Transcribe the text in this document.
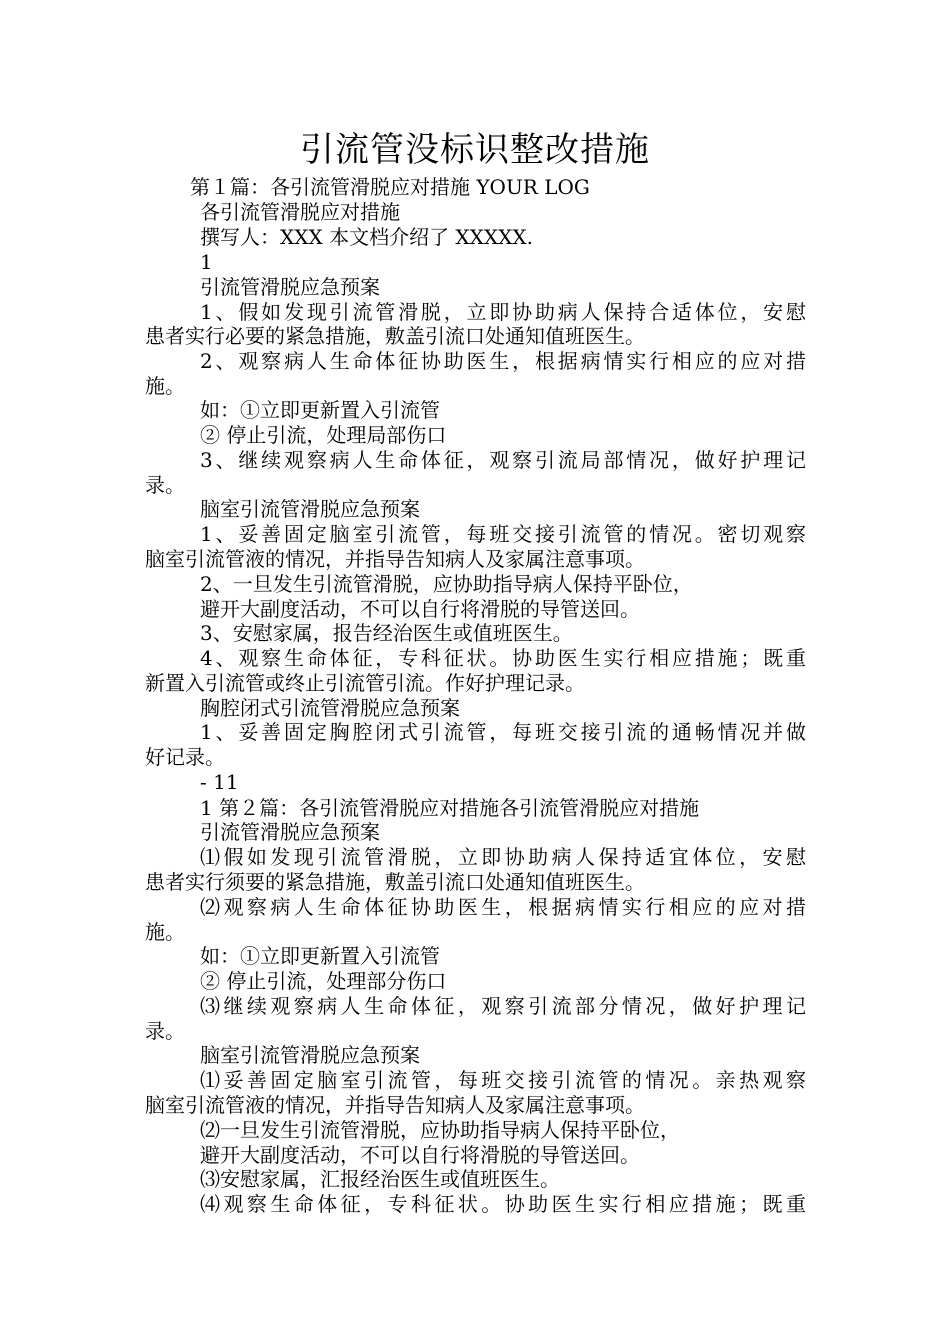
引流管没标识整改措施
第１篇：各引流管滑脱应对措施 YOUR LOG
各引流管滑脱应对措施
撰写人：XXX 本文档介绍了 XXXXX.
1
引流管滑脱应急预案
1、假如发现引流管滑脱，立即协助病人保持合适体位，安慰
患者实行必要的紧急措施，敷盖引流口处通知值班医生。
2、观察病人生命体征协助医生，根据病情实行相应的应对措
施。
如：①立即更新置入引流管
② 停止引流，处理局部伤口
3、继续观察病人生命体征，观察引流局部情况，做好护理记
录。
脑室引流管滑脱应急预案
1、妥善固定脑室引流管，每班交接引流管的情况。密切观察
脑室引流管液的情况，并指导告知病人及家属注意事项。
2、一旦发生引流管滑脱，应协助指导病人保持平卧位，
避开大副度活动，不可以自行将滑脱的导管送回。
3、安慰家属，报告经治医生或值班医生。
4、观察生命体征，专科征状。协助医生实行相应措施；既重
新置入引流管或终止引流管引流。作好护理记录。
胸腔闭式引流管滑脱应急预案
1、妥善固定胸腔闭式引流管，每班交接引流的通畅情况并做
好记录。
- 11
1 第２篇：各引流管滑脱应对措施各引流管滑脱应对措施
引流管滑脱应急预案
⑴假如发现引流管滑脱，立即协助病人保持适宜体位，安慰
患者实行须要的紧急措施，敷盖引流口处通知值班医生。
⑵观察病人生命体征协助医生，根据病情实行相应的应对措
施。
如：①立即更新置入引流管
② 停止引流，处理部分伤口
⑶继续观察病人生命体征，观察引流部分情况，做好护理记
录。
脑室引流管滑脱应急预案
⑴妥善固定脑室引流管，每班交接引流管的情况。亲热观察
脑室引流管液的情况，并指导告知病人及家属注意事项。
⑵一旦发生引流管滑脱，应协助指导病人保持平卧位，
避开大副度活动，不可以自行将滑脱的导管送回。
⑶安慰家属，汇报经治医生或值班医生。
⑷观察生命体征，专科征状。协助医生实行相应措施；既重
